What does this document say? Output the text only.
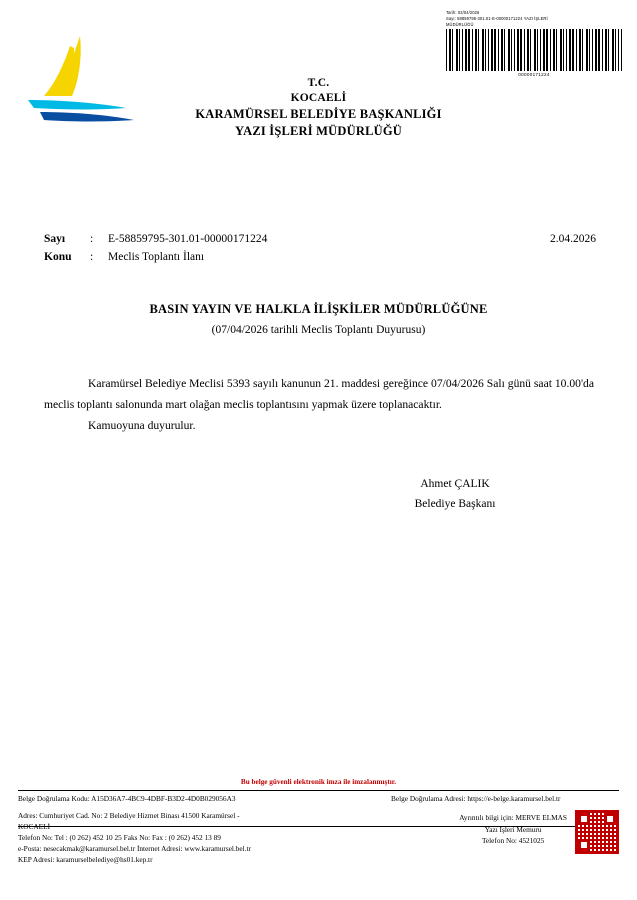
Tarih: 02/04/2026
Sayı: 58859795-301.01-E-00000171224 YAZI İŞLERİ
MÜDÜRLÜĞÜ
00000171224
T.C.
KOCAELİ
KARAMÜRSEL BELEDİYE BAŞKANLIĞI
YAZI İŞLERİ MÜDÜRLÜĞÜ
Sayı	:	E-58859795-301.01-00000171224	2.04.2026
Konu	:	Meclis Toplantı İlanı
BASIN YAYIN VE HALKLA İLİŞKİLER MÜDÜRLÜĞÜNE
(07/04/2026 tarihli Meclis Toplantı Duyurusu)

Karamürsel Belediye Meclisi 5393 sayılı kanunun 21. maddesi gereğince 07/04/2026 Salı günü saat 10.00'da meclis toplantı salonunda mart olağan meclis toplantısını yapmak üzere toplanacaktır.

Kamuoyuna duyurulur.

Ahmet ÇALIK
Belediye Başkanı
Bu belge güvenli elektronik imza ile imzalanmıştır.
Belge Doğrulama Kodu: A15D36A7-4BC9-4DBF-B3D2-4D0B029056A3	Belge Doğrulama Adresi: https://e-belge.karamursel.bel.tr
Adres: Cumhuriyet Cad. No: 2 Belediye Hizmet Binası 41500 Karamürsel -
KOCAELİ
Telefon No: Tel : (0 262) 452 10 25 Faks No: Fax : (0 262) 452 13 89
e-Posta: nesecakmak@karamursel.bel.tr İnternet Adresi: www.karamursel.bel.tr
KEP Adresi: karamurselbelediye@hs01.kep.tr
Ayrıntılı bilgi için: MERVE ELMAS
Yazı İşleri Memuru
Telefon No: 4521025
